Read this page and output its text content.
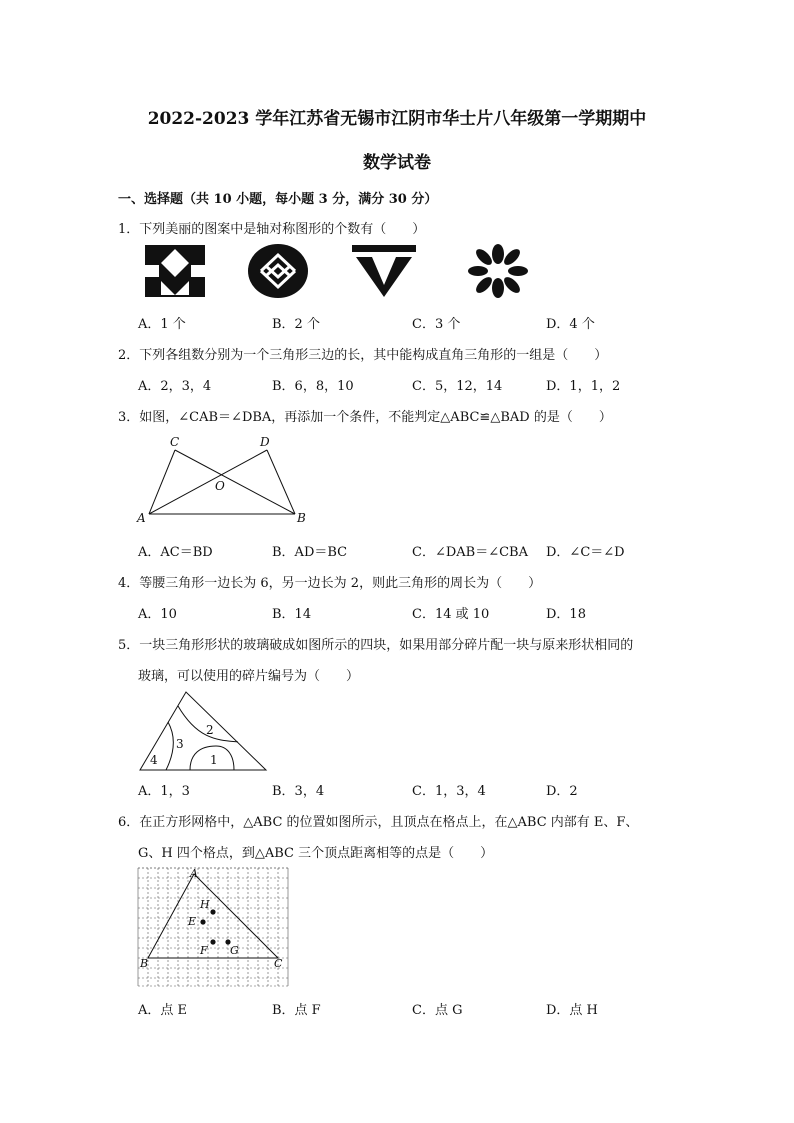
2022-2023 学年江苏省无锡市江阴市华士片八年级第一学期期中
数学试卷
一、选择题（共 10 小题，每小题 3 分，满分 30 分）
1．下列美丽的图案中是轴对称图形的个数有（　　）
A．1 个	B．2 个	C．3 个	D．4 个
2．下列各组数分别为一个三角形三边的长，其中能构成直角三角形的一组是（　　）
A．2，3，4	B．6，8，10	C．5，12，14	D．1，1，2
3．如图，∠CAB＝∠DBA，再添加一个条件，不能判定△ABC≌△BAD 的是（　　）
C	D
O
A	B
A．AC＝BD	B．AD＝BC	C．∠DAB＝∠CBA D．∠C＝∠D
4．等腰三角形一边长为 6，另一边长为 2，则此三角形的周长为（　　）
A．10	B．14	C．14 或 10	D．18
5．一块三角形形状的玻璃破成如图所示的四块，如果用部分碎片配一块与原来形状相同的
玻璃，可以使用的碎片编号为（　　）
1
2
3
4
A．1，3	B．3，4	C．1，3，4	D．2
6．在正方形网格中，△ABC 的位置如图所示，且顶点在格点上，在△ABC 内部有 E、F、
G、H 四个格点，到△ABC 三个顶点距离相等的点是（　　）
A
B	C
E
F G
H
A．点 E	B．点 F	C．点 G	D．点 H
